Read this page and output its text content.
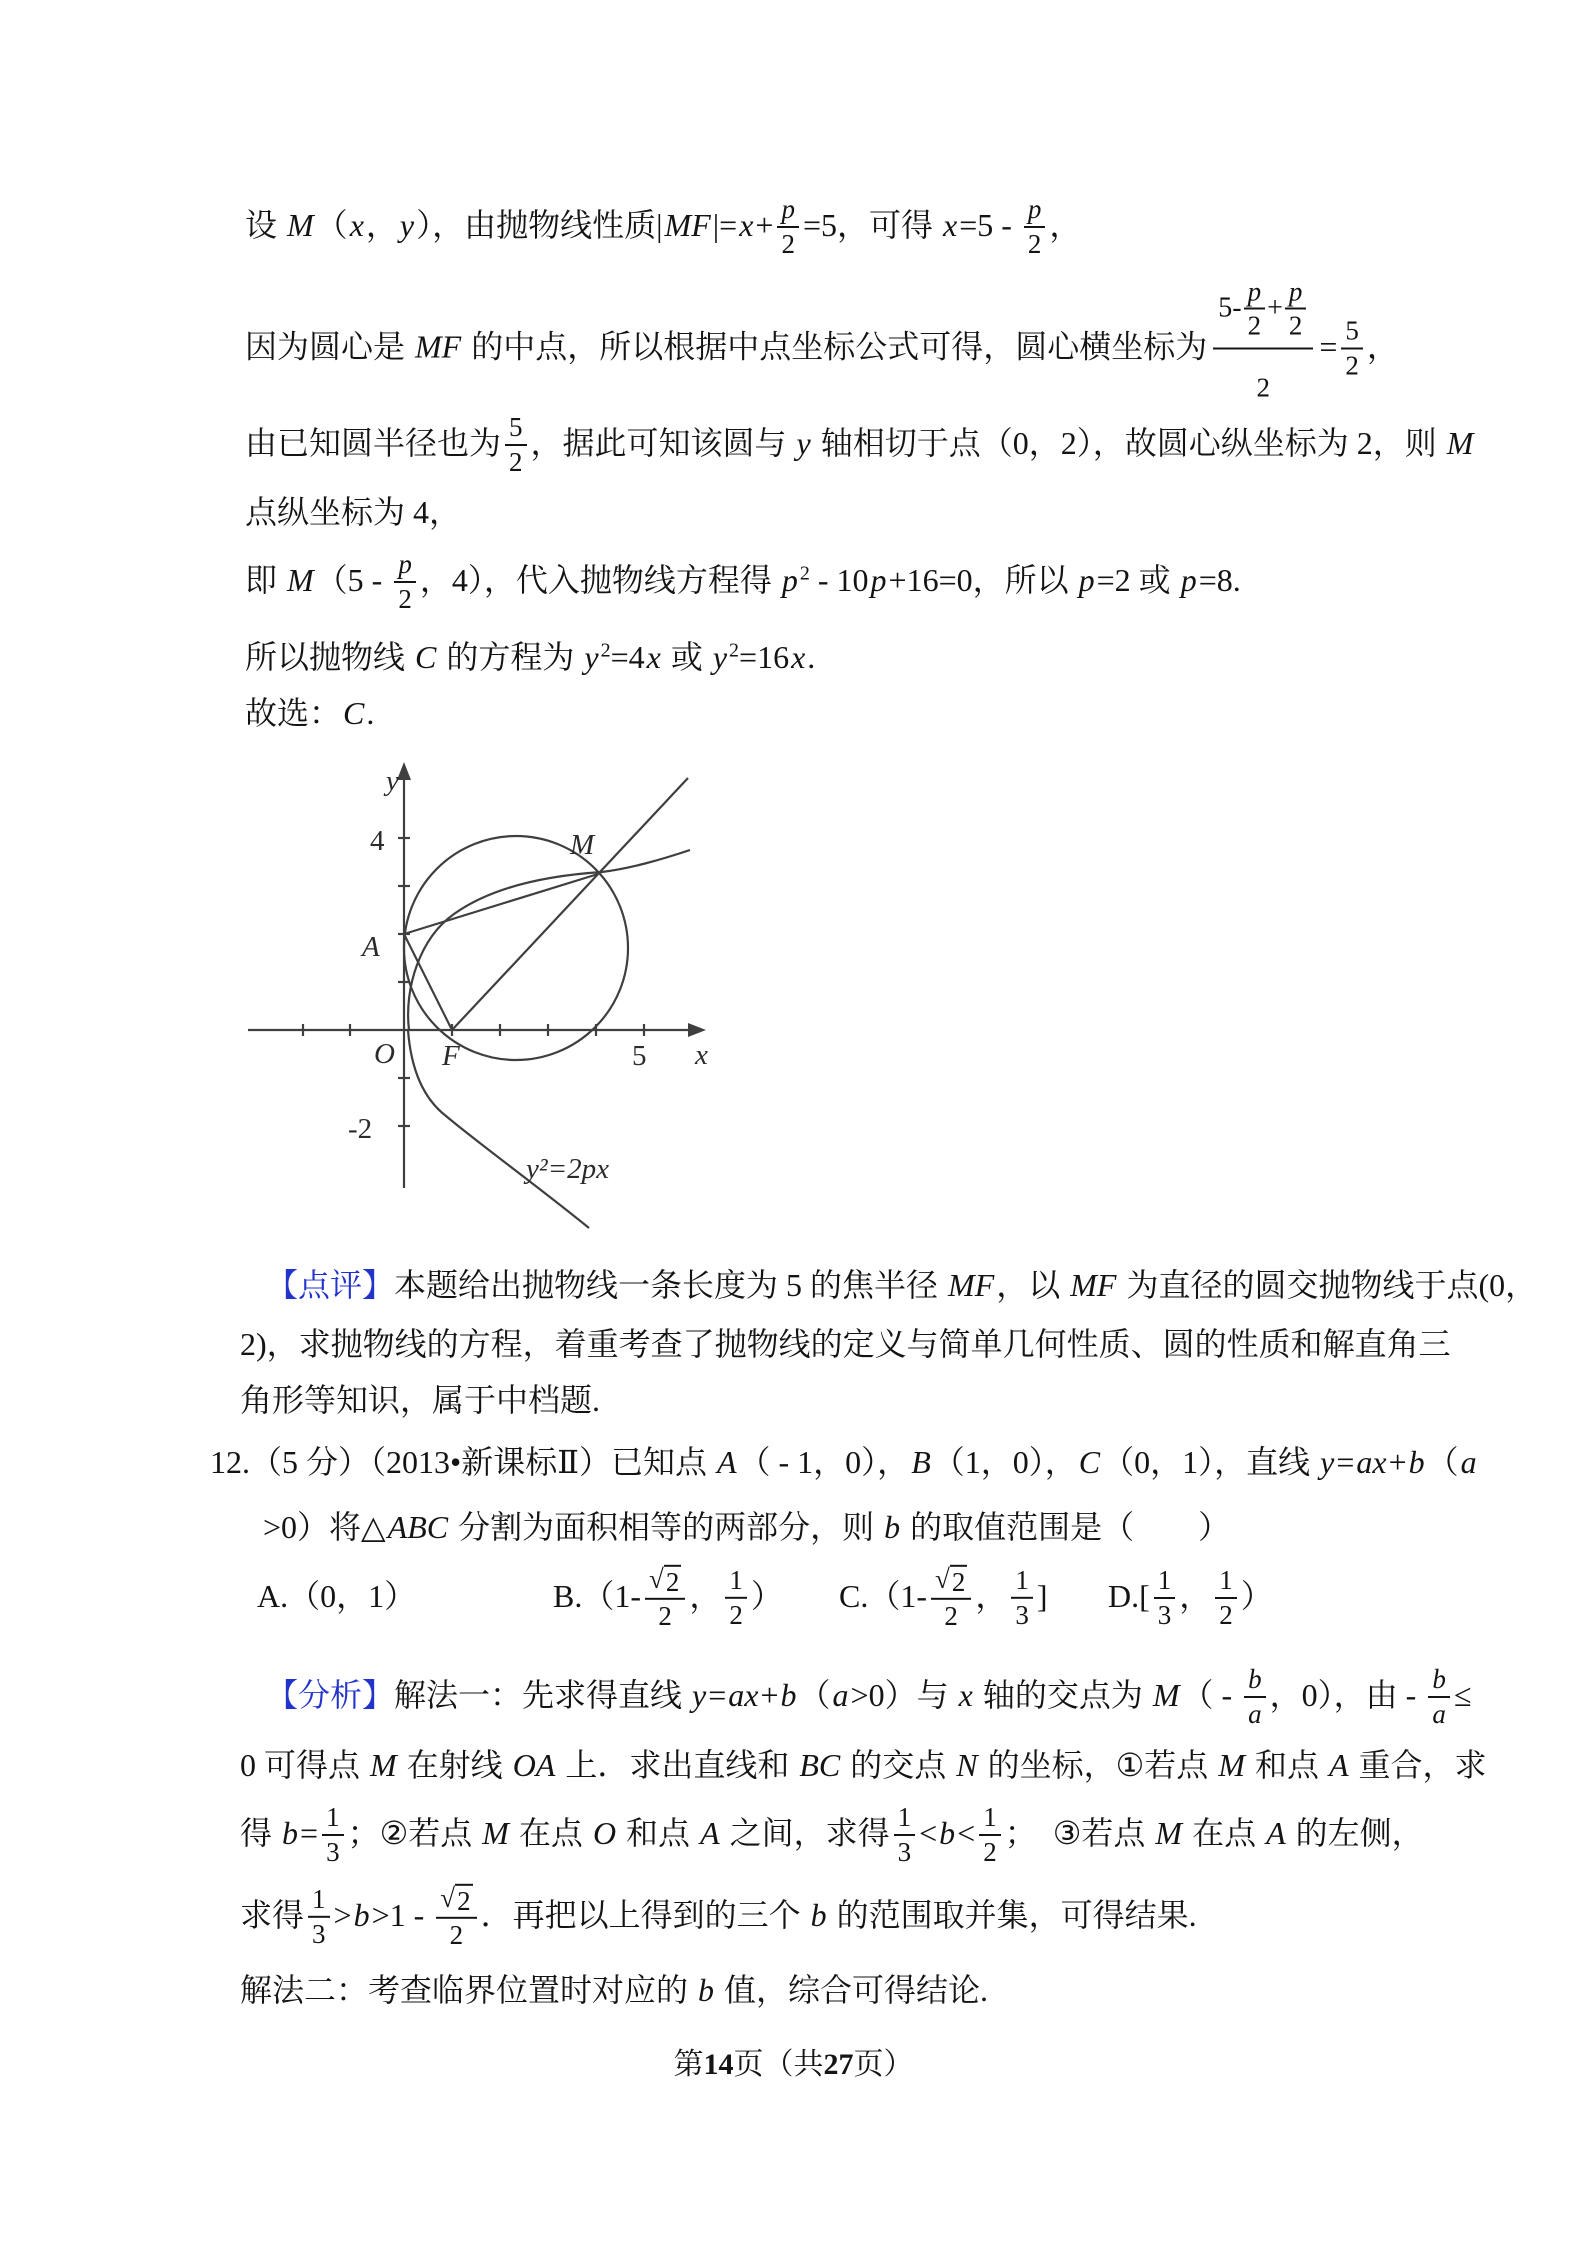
设 M（x，y），由抛物线性质$|MF|=x+ \frac{p}{2} =5$，可得 $x=5 - \frac{p}{2}$ ，
因为圆心是 MF 的中点，所以根据中点坐标公式可得，圆心横坐标为 $\frac{5- \frac{p}{2} + \frac{p}{2}}{2} = \frac{5}{2}$ ，
由已知圆半径也为 $\frac{5}{2}$ ，据此可知该圆与 y 轴相切于点（0，2），故圆心纵坐标为 2，则 M
点纵坐标为 4，
即 $M(5 - \frac{p}{2}$ ，4），代入抛物线方程得 p $^2$ - 10p+16=0，所以 p=2 或 p=8.
所以抛物线 C 的方程为 y $^2$=4x 或 y $^2$=16x.
故选：C.
y
x
4
-2
O F	5
A
M
y²=2px
【点评】本题给出抛物线一条长度为 5 的焦半径 MF，以 MF 为直径的圆交抛物线于点(0，
2)，求抛物线的方程，着重考查了抛物线的定义与简单几何性质、圆的性质和解直角三
角形等知识，属于中档题.
12.（5 分）（2013•新课标Ⅱ）已知点 A（ - 1，0），B（1，0），C（0，1），直线 y=ax+b（a
>0）将△ABC 分割为面积相等的两部分，则 b 的取值范围是（　　）
A.（0，1）	$B.(1- \frac{√ 2}{2}$ ， $\frac{1}{2}$ ） $C.(1- \frac{√ 2}{2}$ ， $\frac{1}{3}$ ] $D.[ \frac{1}{3}$ ， $\frac{1}{2}$ ）
【分析】解法一：先求得直线 y=ax+b（a>0）与 x 轴的交点为 $M( - \frac{b}{a}$ ，0），由 - $\frac{b}{a}$ ≤
0 可得点 M 在射线 OA 上．求出直线和 BC 的交点 N 的坐标，①若点 M 和点 A 重合，求
得 $b= \frac{1}{3}$ ；②若点 M 在点 O 和点 A 之间，求得 $\frac{1}{3} <b< \frac{1}{2}$ ；　③若点 M 在点 A 的左侧，
求得 $\frac{1}{3} >b>1 - \frac{√ 2}{2}$ ．再把以上得到的三个 b 的范围取并集，可得结果.
解法二：考查临界位置时对应的 b 值，综合可得结论.
第14页（共27页）
